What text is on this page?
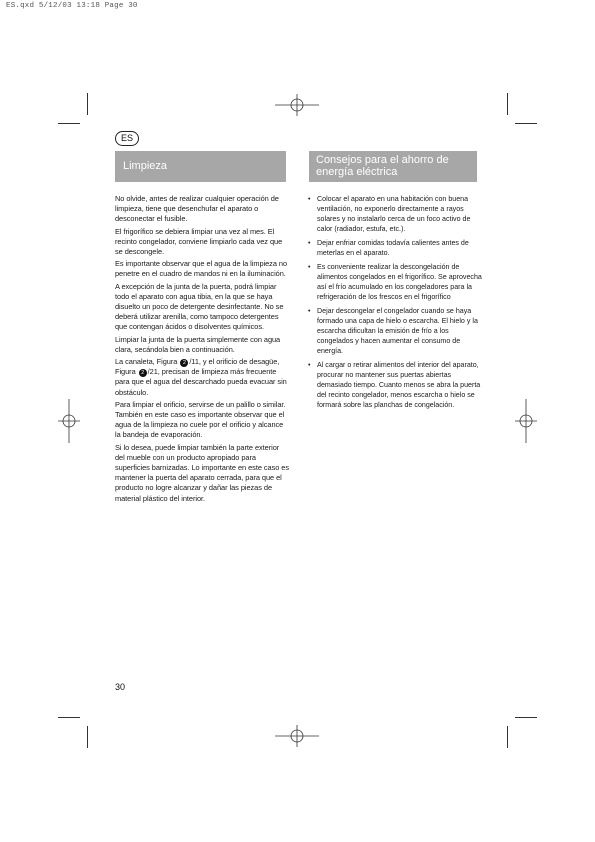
ES.qxd 5/12/03 13:18 Page 30
ES
Limpieza	Consejos para el ahorro de energía eléctrica

No olvide, antes de realizar cualquier operación de limpieza, tiene que desenchufar el aparato o desconectar el fusible.

El frigorífico se debiera limpiar una vez al mes. El recinto congelador, conviene limpiarlo cada vez que se descongele.

Es importante observar que el agua de la limpieza no penetre en el cuadro de mandos ni en la iluminación.

A excepción de la junta de la puerta, podrá limpiar todo el aparato con agua tibia, en la que se haya disuelto un poco de detergente desinfectante. No se deberá utilizar arenilla, como tampoco detergentes que contengan ácidos o disolventes químicos.

Limpiar la junta de la puerta simplemente con agua clara, secándola bien a continuación.

La canaleta, Figura 2 /11, y el orificio de desagüe, Figura 2 /21, precisan de limpieza más frecuente para que el agua del descarchado pueda evacuar sin obstáculo.

Para limpiar el orificio, servirse de un palillo o similar. También en este caso es importante observar que el agua de la limpieza no cuele por el orificio y alcance la bandeja de evaporación.

Si lo desea, puede limpiar también la parte exterior del mueble con un producto apropiado para superficies barnizadas. Lo importante en este caso es mantener la puerta del aparato cerrada, para que el producto no logre alcanzar y dañar las piezas de material plástico del interior.

• Colocar el aparato en una habitación con buena ventilación, no exponerlo directamente a rayos solares y no instalarlo cerca de un foco activo de calor (radiador, estufa, etc.).
• Dejar enfriar comidas todavía calientes antes de meterlas en el aparato.
• Es conveniente realizar la descongelación de alimentos congelados en el frigorífico. Se aprovecha así el frío acumulado en los congeladores para la refrigeración de los frescos en el frigorífico
• Dejar descongelar el congelador cuando se haya formado una capa de hielo o escarcha. El hielo y la escarcha dificultan la emisión de frío a los congelados y hacen aumentar el consumo de energía.
• Al cargar o retirar alimentos del interior del aparato, procurar no mantener sus puertas abiertas demasiado tiempo. Cuanto menos se abra la puerta del recinto congelador, menos escarcha o hielo se formará sobre las planchas de congelación.
30
